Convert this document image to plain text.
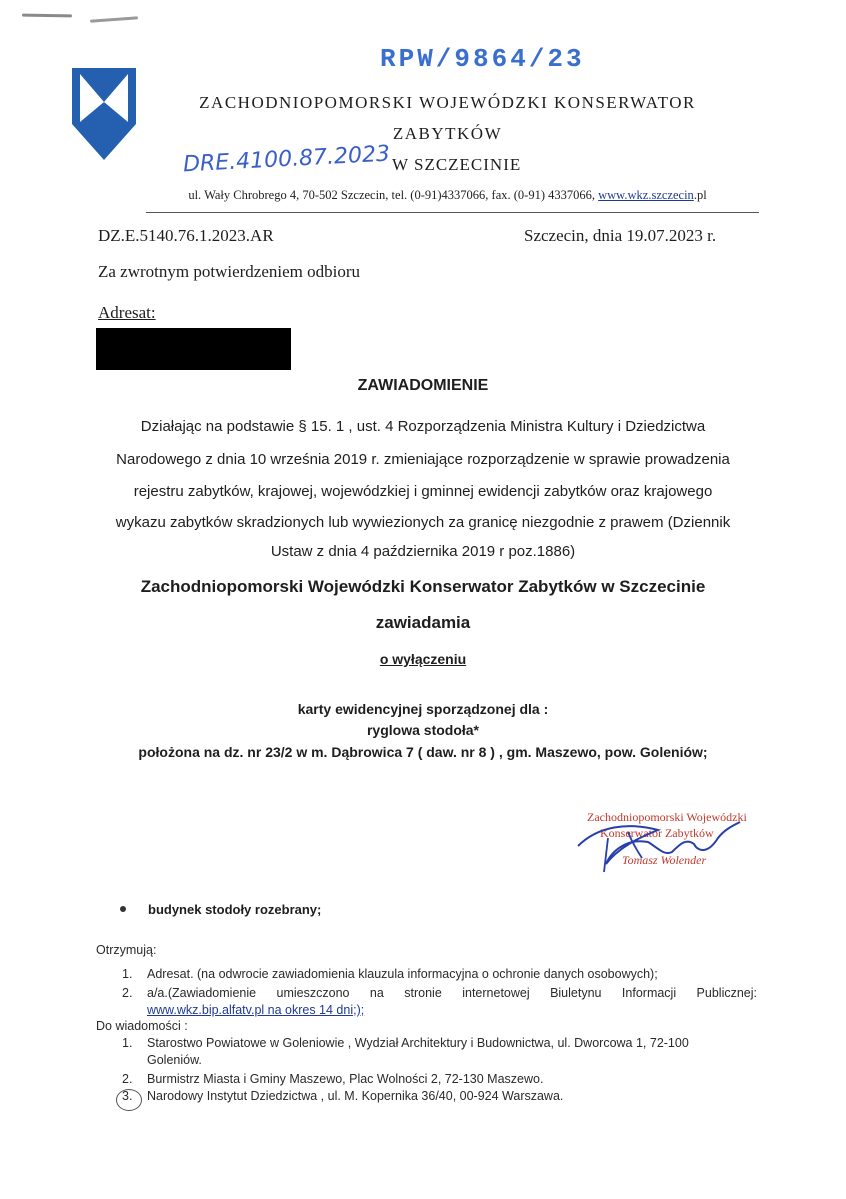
RPW/9864/23
ZACHODNIOPOMORSKI WOJEWÓDZKI KONSERWATOR
ZABYTKÓW
DRE.4100.87.2023 W SZCZECINIE
ul. Wały Chrobrego 4, 70-502 Szczecin, tel. (0-91)4337066, fax. (0-91) 4337066, www.wkz.szczecin.pl
DZ.E.5140.76.1.2023.AR	Szczecin, dnia 19.07.2023 r.
Za zwrotnym potwierdzeniem odbioru
Adresat:
ZAWIADOMIENIE
Działając na podstawie § 15. 1 , ust. 4 Rozporządzenia Ministra Kultury i Dziedzictwa
Narodowego z dnia 10 września 2019 r. zmieniające rozporządzenie w sprawie prowadzenia
rejestru zabytków, krajowej, wojewódzkiej i gminnej ewidencji zabytków oraz krajowego
wykazu zabytków skradzionych lub wywiezionych za granicę niezgodnie z prawem (Dziennik
Ustaw z dnia 4 października 2019 r poz.1886)
Zachodniopomorski Wojewódzki Konserwator Zabytków w Szczecinie
zawiadamia
o wyłączeniu
karty ewidencyjnej sporządzonej dla :
ryglowa stodoła*
położona na dz. nr 23/2 w m. Dąbrowica 7 ( daw. nr 8 ) , gm. Maszewo, pow. Goleniów;
Zachodniopomorski Wojewódzki
Konserwator Zabytków
Tomasz Wolender
budynek stodoły rozebrany;
Otrzymują:
1. Adresat. (na odwrocie zawiadomienia klauzula informacyjna o ochronie danych osobowych);
2. a/a.(Zawiadomienie umieszczono na stronie internetowej Biuletynu Informacji Publicznej:
www.wkz.bip.alfatv.pl na okres 14 dni;);
Do wiadomości :
1. Starostwo Powiatowe w Goleniowie , Wydział Architektury i Budownictwa, ul. Dworcowa 1, 72-100
Goleniów.
2. Burmistrz Miasta i Gminy Maszewo, Plac Wolności 2, 72-130 Maszewo.
3. Narodowy Instytut Dziedzictwa , ul. M. Kopernika 36/40, 00-924 Warszawa.
